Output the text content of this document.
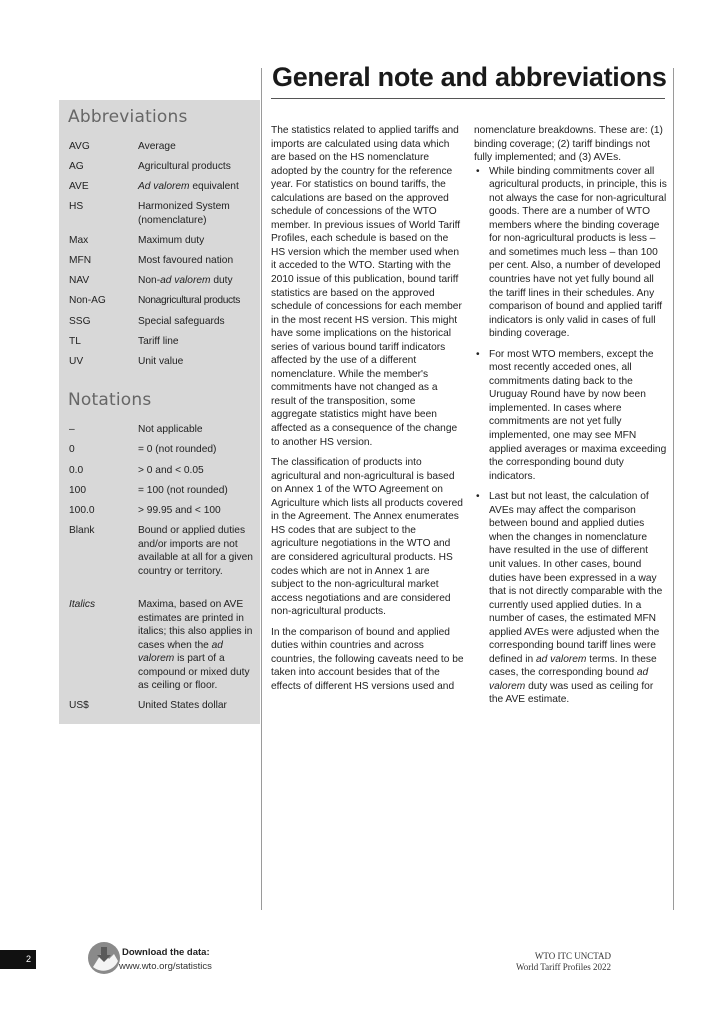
General note and abbreviations
Abbreviations
AVG	Average
AG	Agricultural products
AVE	Ad valorem equivalent
HS	Harmonized System (nomenclature)
Max	Maximum duty
MFN	Most favoured nation
NAV	Non-ad valorem duty
Non-AG	Nonagricultural products
SSG	Special safeguards
TL	Tariff line
UV	Unit value
Notations
–	Not applicable
0	= 0 (not rounded)
0.0	> 0 and < 0.05
100	= 100 (not rounded)
100.0	> 99.95 and < 100
Blank	Bound or applied duties and/or imports are not available at all for a given country or territory.
Italics	Maxima, based on AVE estimates are printed in italics; this also applies in cases when the ad valorem is part of a compound or mixed duty as ceiling or floor.
US$	United States dollar

The statistics related to applied tariffs and imports are calculated using data which are based on the HS nomenclature adopted by the country for the reference year. For statistics on bound tariffs, the calculations are based on the approved schedule of concessions of the WTO member. In previous issues of World Tariff Profiles, each schedule is based on the HS version which the member used when it acceded to the WTO. Starting with the 2010 issue of this publication, bound tariff statistics are based on the approved schedule of concessions for each member in the most recent HS version. This might have some implications on the historical series of various bound tariff indicators affected by the use of a different nomenclature. While the member's commitments have not changed as a result of the transposition, some aggregate statistics might have been affected as a consequence of the change to another HS version.

The classification of products into agricultural and non-agricultural is based on Annex 1 of the WTO Agreement on Agriculture which lists all products covered in the Agreement. The Annex enumerates HS codes that are subject to the agriculture negotiations in the WTO and are considered agricultural products. HS codes which are not in Annex 1 are subject to the non-agricultural market access negotiations and are considered non-agricultural products.

In the comparison of bound and applied duties within countries and across countries, the following caveats need to be taken into account besides that of the effects of different HS versions used and

nomenclature breakdowns. These are: (1) binding coverage; (2) tariff bindings not fully implemented; and (3) AVEs.

• While binding commitments cover all agricultural products, in principle, this is not always the case for non-agricultural goods. There are a number of WTO members where the binding coverage for non-agricultural products is less – and sometimes much less – than 100 per cent. Also, a number of developed countries have not yet fully bound all the tariff lines in their schedules. Any comparison of bound and applied tariff indicators is only valid in cases of full binding coverage.
• For most WTO members, except the most recently acceded ones, all commitments dating back to the Uruguay Round have by now been implemented. In cases where commitments are not yet fully implemented, one may see MFN applied averages or maxima exceeding the corresponding bound duty indicators.
• Last but not least, the calculation of AVEs may affect the comparison between bound and applied duties when the changes in nomenclature have resulted in the use of different unit values. In other cases, bound duties have been expressed in a way that is not directly comparable with the currently used applied duties. In a number of cases, the estimated MFN applied AVEs were adjusted when the corresponding bound tariff lines were defined in ad valorem terms. In these cases, the corresponding bound ad valorem duty was used as ceiling for the AVE estimate.
2
Download the data:
www.wto.org/statistics
WTO ITC UNCTAD
World Tariff Profiles 2022
